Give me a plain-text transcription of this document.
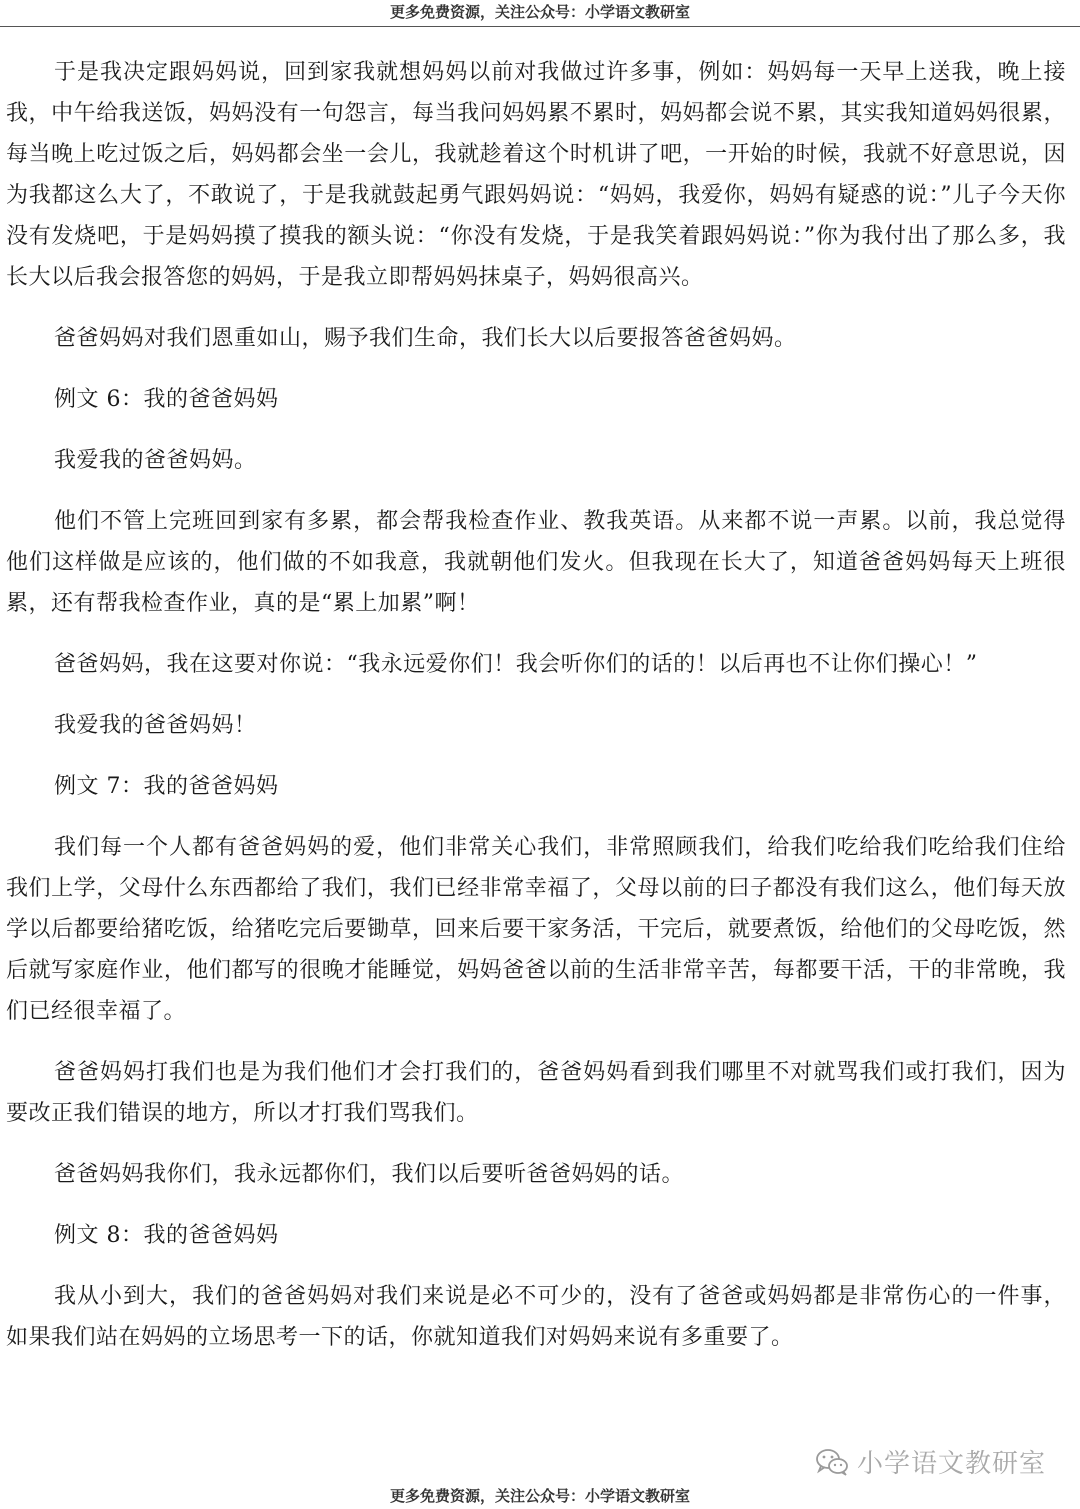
更多免费资源，关注公众号：小学语文教研室

于是我决定跟妈妈说，回到家我就想妈妈以前对我做过许多事，例如：妈妈每一天早上送我，晚上接我，中午给我送饭，妈妈没有一句怨言，每当我问妈妈累不累时，妈妈都会说不累，其实我知道妈妈很累，每当晚上吃过饭之后，妈妈都会坐一会儿，我就趁着这个时机讲了吧，一开始的时候，我就不好意思说，因为我都这么大了，不敢说了，于是我就鼓起勇气跟妈妈说：“妈妈，我爱你，妈妈有疑惑的说：”儿子今天你没有发烧吧，于是妈妈摸了摸我的额头说：“你没有发烧，于是我笑着跟妈妈说：”你为我付出了那么多，我长大以后我会报答您的妈妈，于是我立即帮妈妈抹桌子，妈妈很高兴。

爸爸妈妈对我们恩重如山，赐予我们生命，我们长大以后要报答爸爸妈妈。

例文 6：我的爸爸妈妈

我爱我的爸爸妈妈。

他们不管上完班回到家有多累，都会帮我检查作业、教我英语。从来都不说一声累。以前，我总觉得他们这样做是应该的，他们做的不如我意，我就朝他们发火。但我现在长大了，知道爸爸妈妈每天上班很累，还有帮我检查作业，真的是“累上加累”啊！

爸爸妈妈，我在这要对你说：“我永远爱你们！我会听你们的话的！以后再也不让你们操心！”

我爱我的爸爸妈妈！

例文 7：我的爸爸妈妈

我们每一个人都有爸爸妈妈的爱，他们非常关心我们，非常照顾我们，给我们吃给我们吃给我们住给我们上学，父母什么东西都给了我们，我们已经非常幸福了，父母以前的曰子都没有我们这么，他们每天放学以后都要给猪吃饭，给猪吃完后要锄草，回来后要干家务活，干完后，就要煮饭，给他们的父母吃饭，然后就写家庭作业，他们都写的很晚才能睡觉，妈妈爸爸以前的生活非常辛苦，每都要干活，干的非常晚，我们已经很幸福了。

爸爸妈妈打我们也是为我们他们才会打我们的，爸爸妈妈看到我们哪里不对就骂我们或打我们，因为要改正我们错误的地方，所以才打我们骂我们。

爸爸妈妈我你们，我永远都你们，我们以后要听爸爸妈妈的话。

例文 8：我的爸爸妈妈

我从小到大，我们的爸爸妈妈对我们来说是必不可少的，没有了爸爸或妈妈都是非常伤心的一件事，如果我们站在妈妈的立场思考一下的话，你就知道我们对妈妈来说有多重要了。

小学语文教研室
更多免费资源，关注公众号：小学语文教研室
